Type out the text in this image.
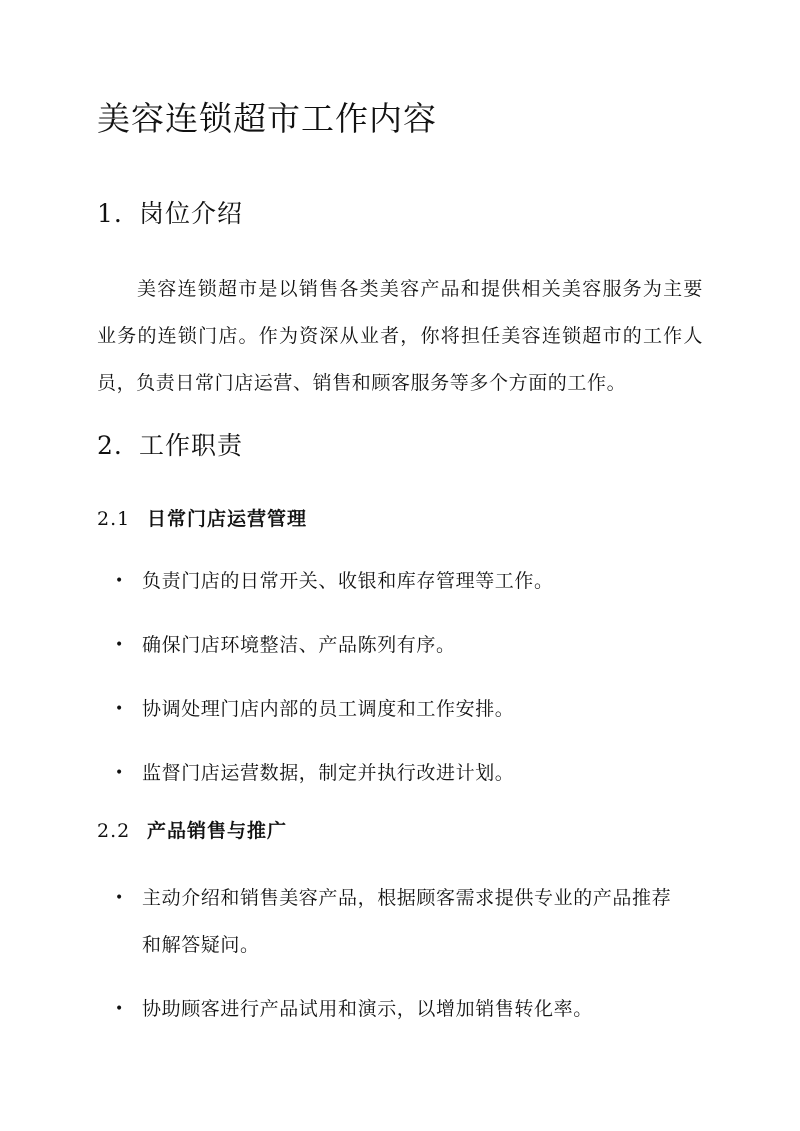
美容连锁超市工作内容
1. 岗位介绍

美容连锁超市是以销售各类美容产品和提供相关美容服务为主要业务的连锁门店。作为资深从业者，你将担任美容连锁超市的工作人员，负责日常门店运营、销售和顾客服务等多个方面的工作。

2. 工作职责
2.1 日常门店运营管理
• 负责门店的日常开关、收银和库存管理等工作。
• 确保门店环境整洁、产品陈列有序。
• 协调处理门店内部的员工调度和工作安排。
• 监督门店运营数据，制定并执行改进计划。
2.2 产品销售与推广
• 主动介绍和销售美容产品，根据顾客需求提供专业的产品推荐和解答疑问。
• 协助顾客进行产品试用和演示，以增加销售转化率。
